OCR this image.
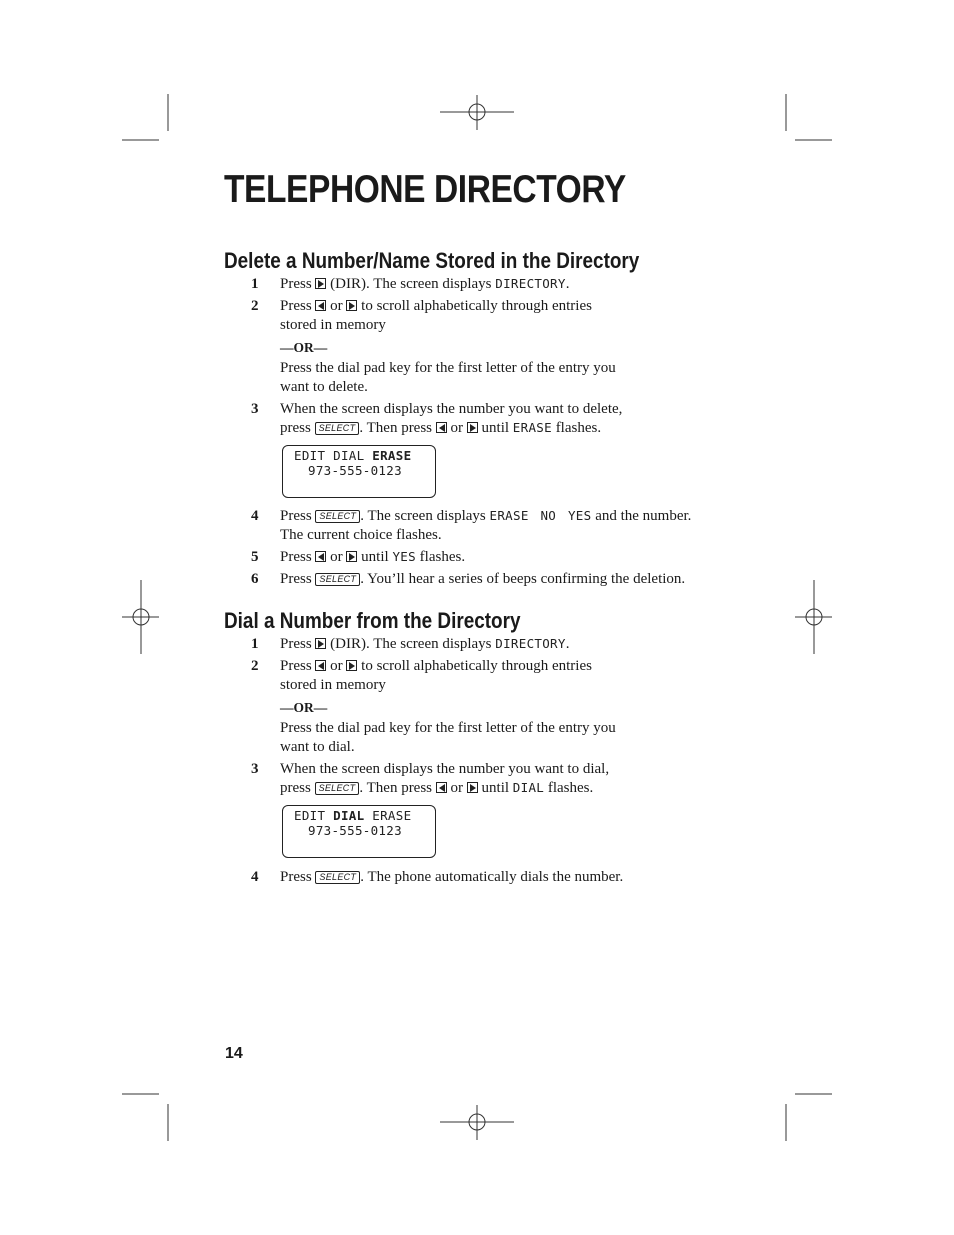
TELEPHONE DIRECTORY
Delete a Number/Name Stored in the Directory
1	Press (DIR). The screen displays DIRECTORY.
2	Press or to scroll alphabetically through entries
stored in memory
—OR—
Press the dial pad key for the first letter of the entry you
want to delete.
3	When the screen displays the number you want to delete,
press SELECT . Then press or until ERASE flashes.
EDIT DIAL ERASE
973-555-0123
4	Press SELECT . The screen displays ERASE NO YES and the number.
The current choice flashes.
5	Press or until YES flashes.
6	Press SELECT . You’ll hear a series of beeps confirming the deletion.
Dial a Number from the Directory
1	Press (DIR). The screen displays DIRECTORY.
2	Press or to scroll alphabetically through entries
stored in memory
—OR—
Press the dial pad key for the first letter of the entry you
want to dial.
3	When the screen displays the number you want to dial,
press SELECT . Then press or until DIAL flashes.
EDIT DIAL ERASE
973-555-0123
4	Press SELECT . The phone automatically dials the number.
14
